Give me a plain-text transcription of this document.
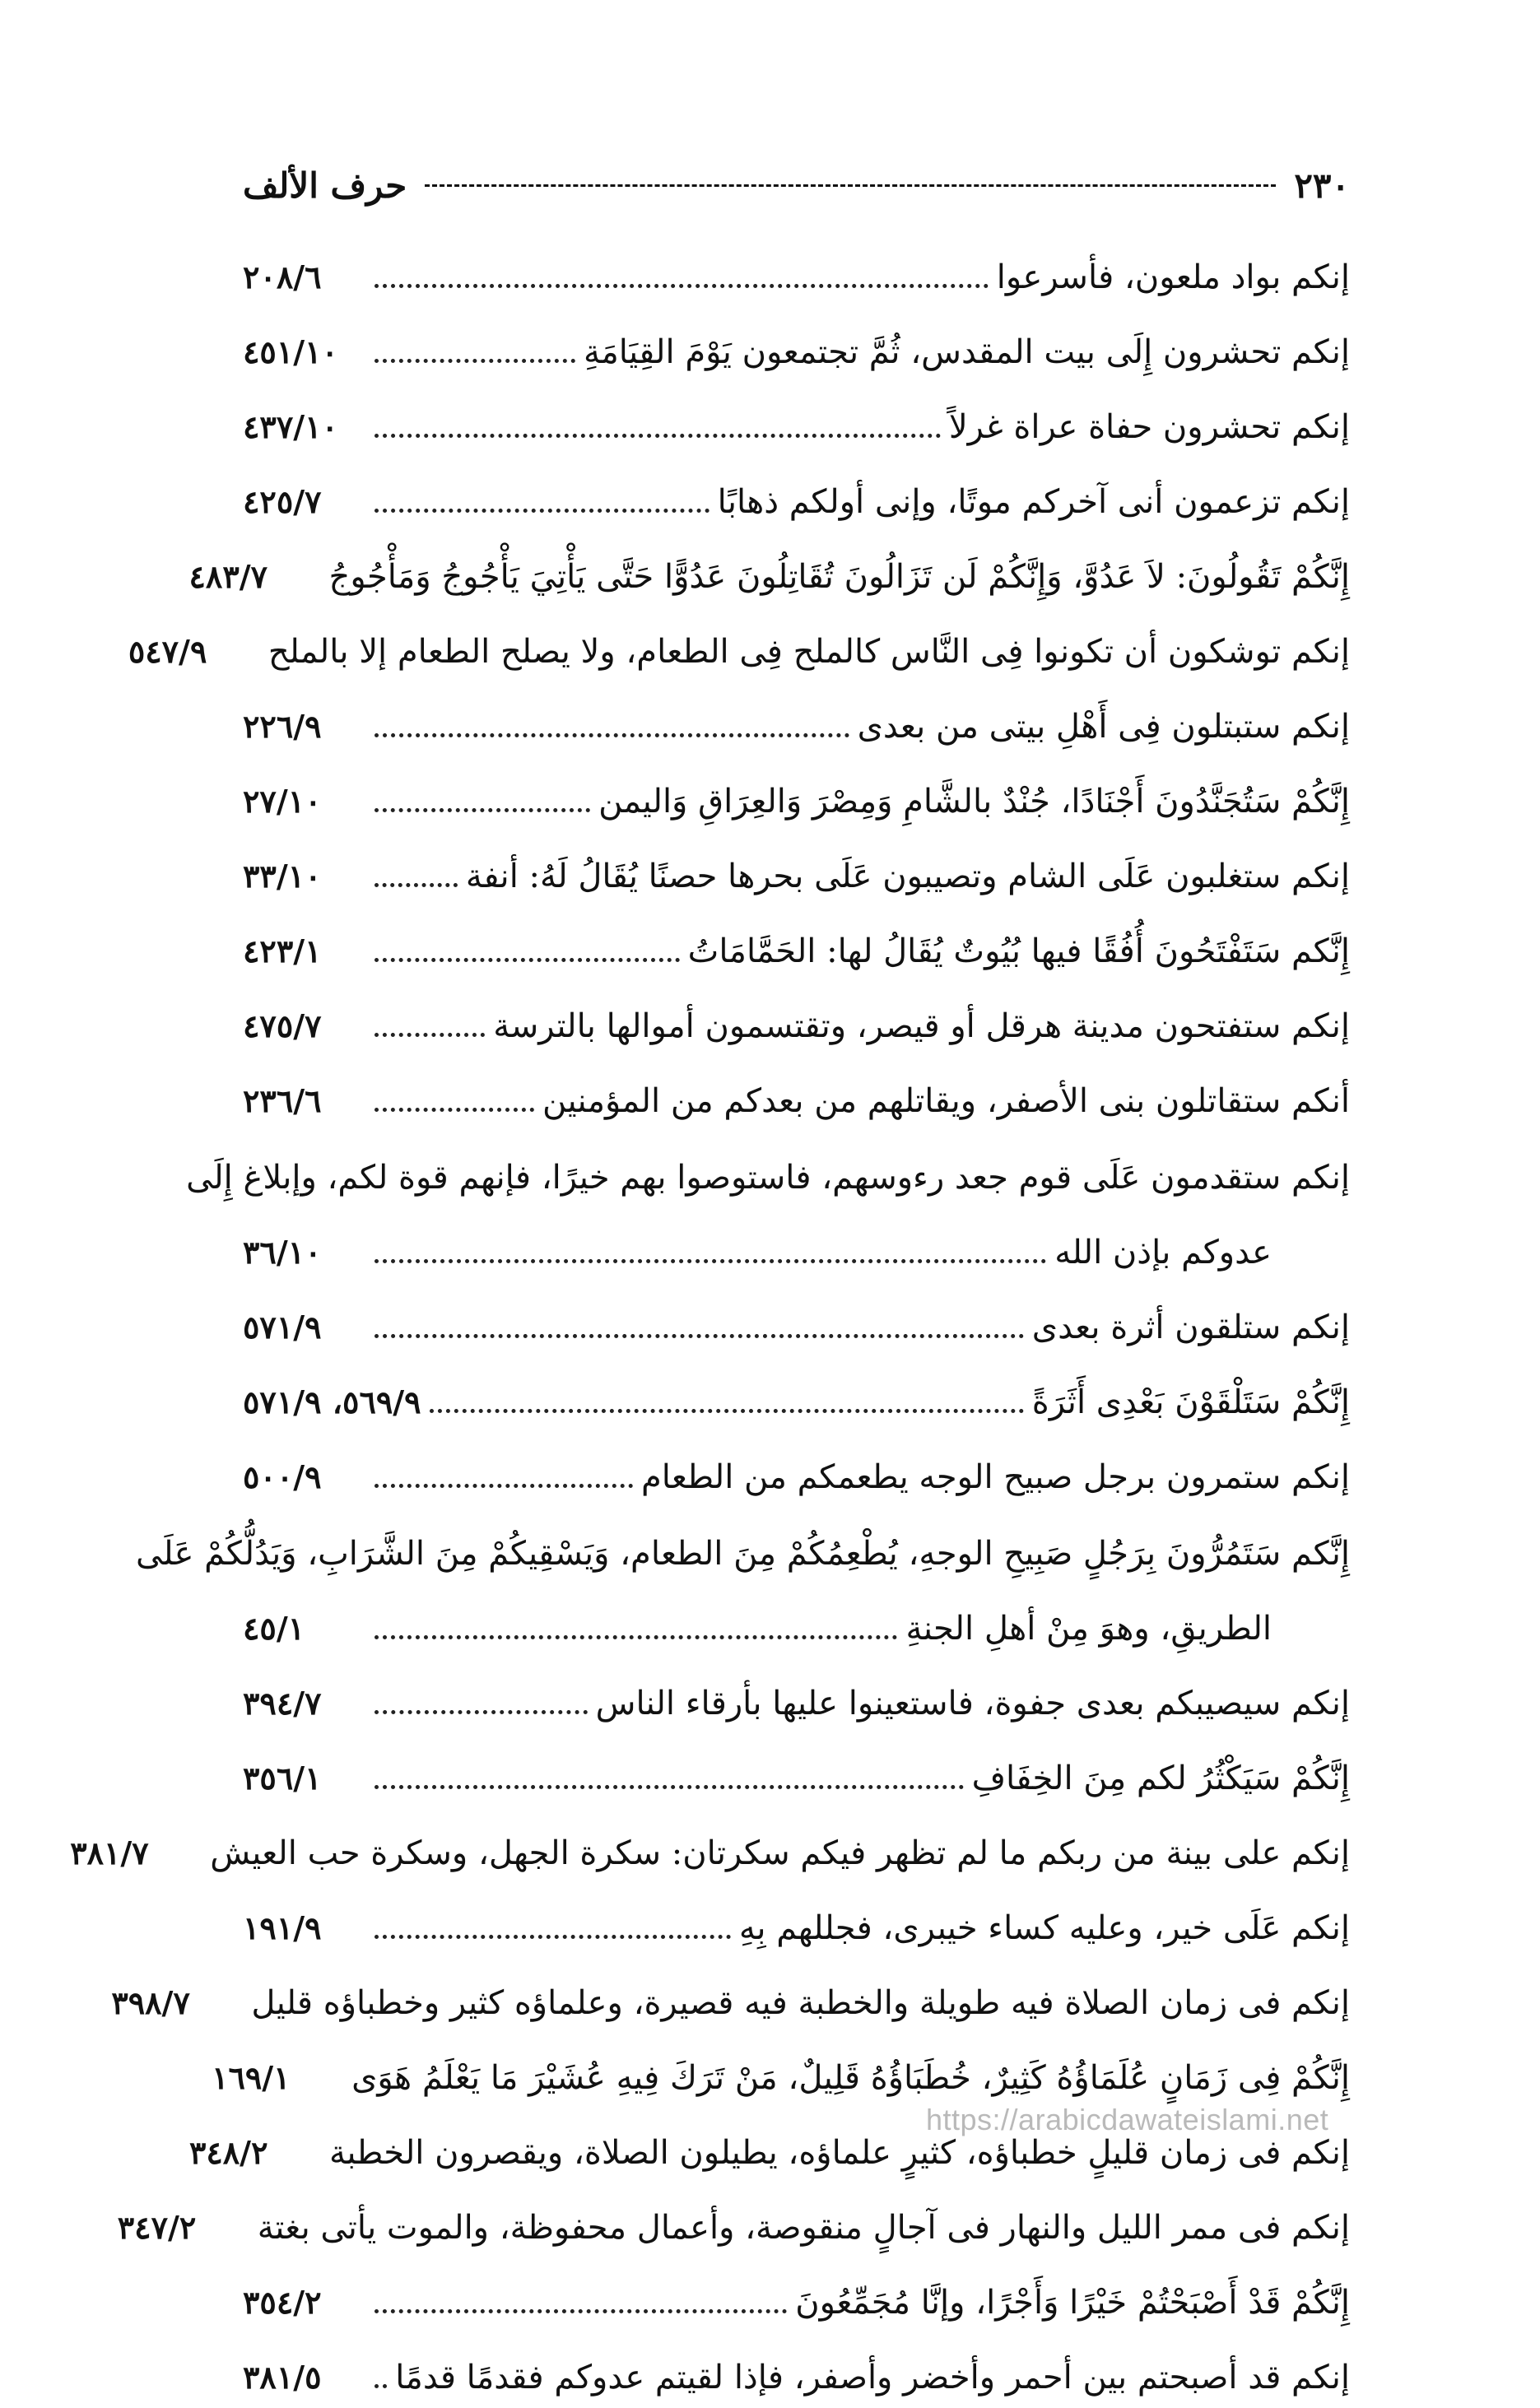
٢٣٠
حرف الألف
إنكم بواد ملعون، فأسرعوا
٢٠٨/٦
إنكم تحشرون إِلَى بيت المقدس، ثُمَّ تجتمعون يَوْمَ القِيَامَةِ
٤٥١/١٠
إنكم تحشرون حفاة عراة غرلاً
٤٣٧/١٠
إنكم تزعمون أنى آخركم موتًا، وإنى أولكم ذهابًا
٤٢٥/٧
إِنَّكُمْ تَقُولُونَ: لاَ عَدُوَّ، وَإِنَّكُمْ لَن تَزَالُونَ تُقَاتِلُونَ عَدُوًّا حَتَّى يَأْتِيَ يَأْجُوجُ وَمَأْجُوجُ
٤٨٣/٧
إنكم توشكون أن تكونوا فِى النَّاس كالملح فِى الطعام، ولا يصلح الطعام إلا بالملح
٥٤٧/٩
إنكم ستبتلون فِى أَهْلِ بيتى من بعدى
٢٢٦/٩
إِنَّكُمْ سَتُجَنَّدُونَ أَجْنَادًا، جُنْدٌ بالشَّامِ وَمِصْرَ وَالعِرَاقِ وَاليمن
٢٧/١٠
إنكم ستغلبون عَلَى الشام وتصيبون عَلَى بحرها حصنًا يُقَالُ لَهُ: أنفة
٣٣/١٠
إِنَّكم سَتَفْتَحُونَ أُفُقًا فيها بُيُوتٌ يُقَالُ لها: الحَمَّامَاتُ
٤٢٣/١
إنكم ستفتحون مدينة هرقل أو قيصر، وتقتسمون أموالها بالترسة
٤٧٥/٧
أنكم ستقاتلون بنى الأصفر، ويقاتلهم من بعدكم من المؤمنين
٢٣٦/٦
إنكم ستقدمون عَلَى قوم جعد رءوسهم، فاستوصوا بهم خيرًا، فإنهم قوة لكم، وإبلاغ إِلَى
عدوكم بإذن الله
٣٦/١٠
إنكم ستلقون أثرة بعدى
٥٧١/٩
إِنَّكُمْ سَتَلْقَوْنَ بَعْدِى أَثَرَةً
٥٦٩/٩، ٥٧١/٩
إنكم ستمرون برجل صبيح الوجه يطعمكم من الطعام
٥٠٠/٩
إِنَّكم سَتَمُرُّونَ بِرَجُلٍ صَبِيحِ الوجهِ، يُطْعِمُكُمْ مِنَ الطعام، وَيَسْقِيكُمْ مِنَ الشَّرَابِ، وَيَدُلُّكُمْ عَلَى
الطريقِ، وهوَ مِنْ أهلِ الجنةِ
٤٥/١
إنكم سيصيبكم بعدى جفوة، فاستعينوا عليها بأرقاء الناس
٣٩٤/٧
إِنَّكُمْ سَيَكْثُرُ لكم مِنَ الخِفَافِ
٣٥٦/١
إنكم على بينة من ربكم ما لم تظهر فيكم سكرتان: سكرة الجهل، وسكرة حب العيش
٣٨١/٧
إنكم عَلَى خير، وعليه كساء خيبرى، فجللهم بِهِ
١٩١/٩
إنكم فى زمان الصلاة فيه طويلة والخطبة فيه قصيرة، وعلماؤه كثير وخطباؤه قليل
٣٩٨/٧
إِنَّكُمْ فِى زَمَانٍ عُلَمَاؤُهُ كَثِيرٌ، خُطَبَاؤُهُ قَلِيلٌ، مَنْ تَرَكَ فِيهِ عُشَيْرَ مَا يَعْلَمُ هَوَى
١٦٩/١
إنكم فى زمان قليلٍ خطباؤه، كثيرٍ علماؤه، يطيلون الصلاة، ويقصرون الخطبة
٣٤٨/٢
إنكم فى ممر الليل والنهار فى آجالٍ منقوصة، وأعمال محفوظة، والموت يأتى بغتة
٣٤٧/٢
إِنَّكُمْ قَدْ أَصْبَحْتُمْ خَيْرًا وَأَجْرًا، وإنَّا مُجَمِّعُونَ
٣٥٤/٢
إنكم قد أصبحتم بين أحمر وأخضر وأصفر، فإذا لقيتم عدوكم فقدمًا قدمًا
٣٨١/٥
https://arabicdawateislami.net
